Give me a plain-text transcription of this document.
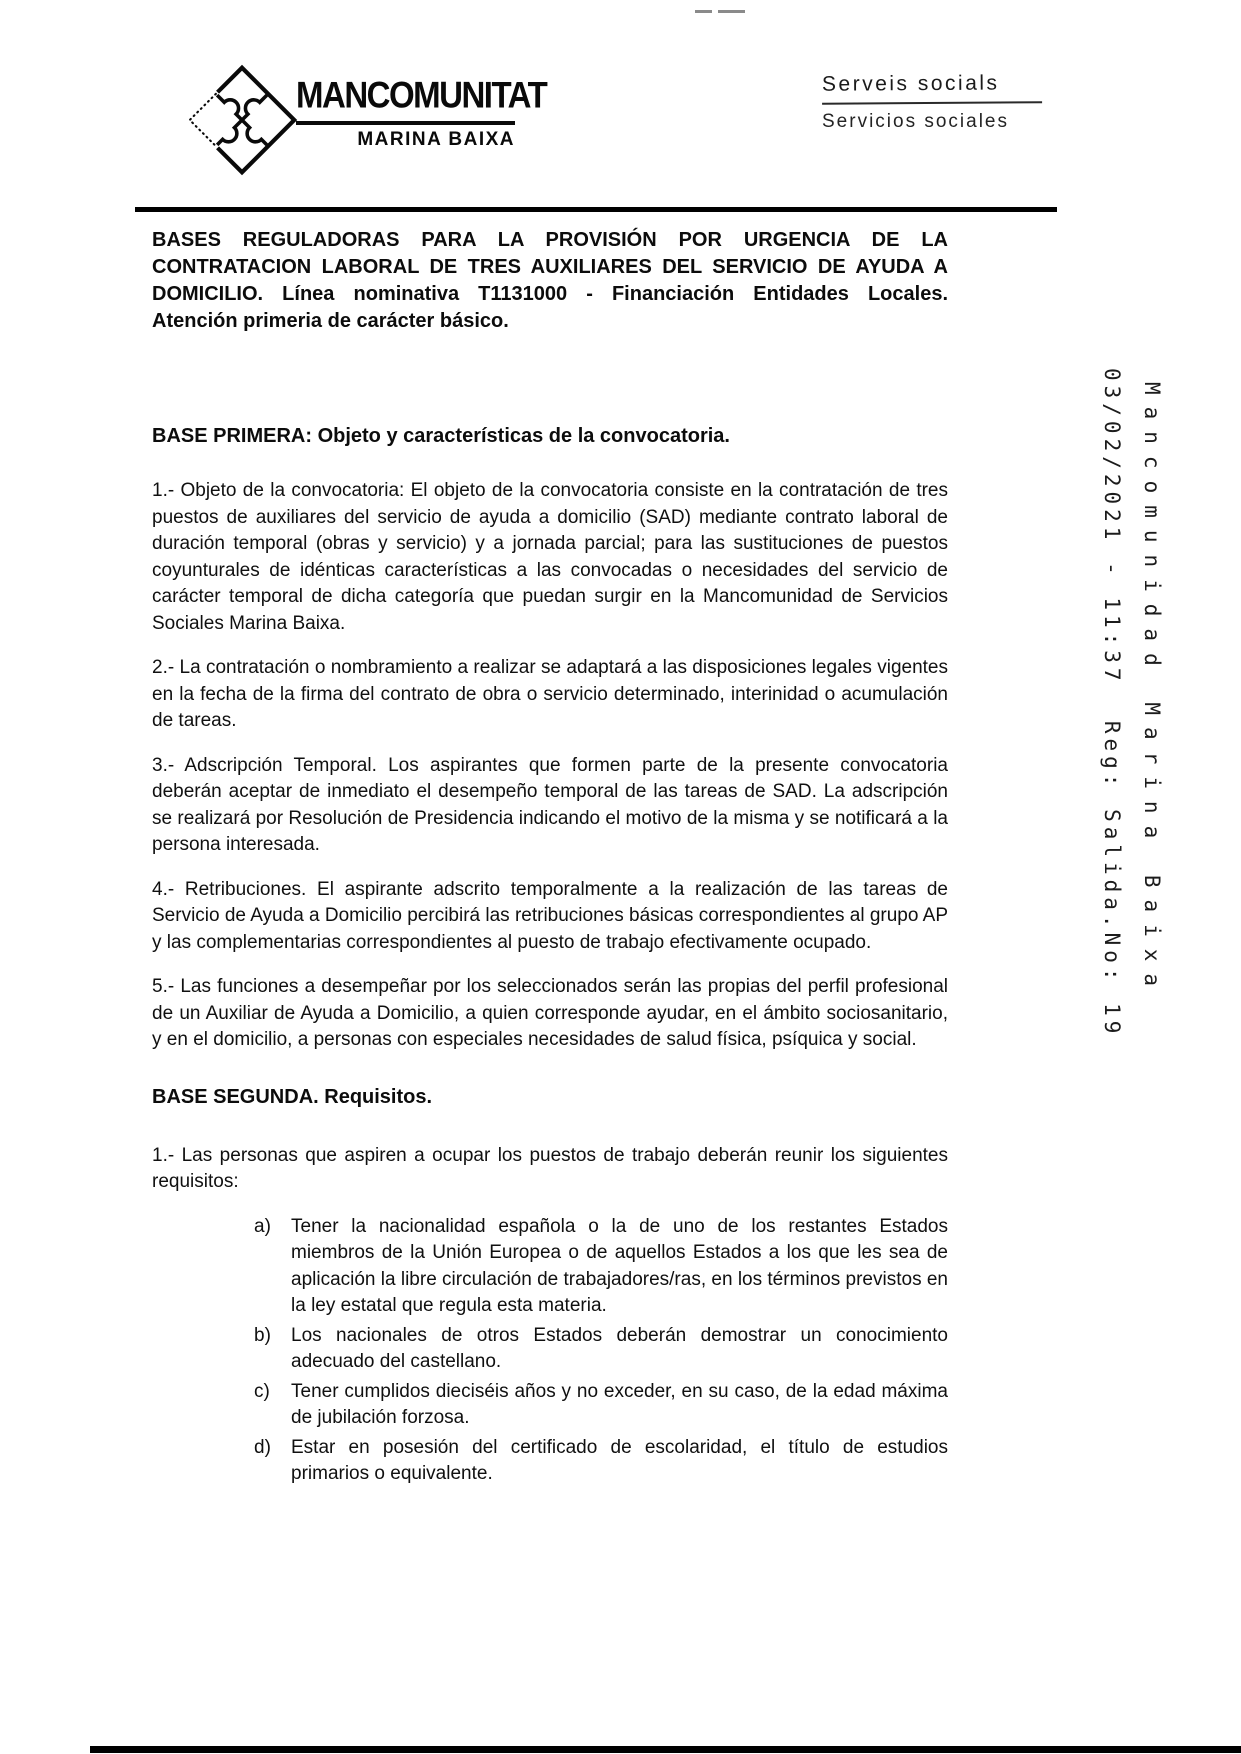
MANCOMUNITAT
MARINA BAIXA
Serveis socials
Servicios sociales
Mancomunidad Marina Baixa
03/02/2021 - 11:37  Reg: Salida.No: 19
BASES REGULADORAS PARA LA PROVISIÓN POR URGENCIA DE LA
CONTRATACION LABORAL DE TRES AUXILIARES DEL SERVICIO DE AYUDA A
DOMICILIO. Línea nominativa T1131000 - Financiación Entidades Locales.
Atención primeria de carácter básico.
BASE PRIMERA: Objeto y características de la convocatoria.

1.- Objeto de la convocatoria: El objeto de la convocatoria consiste en la contratación de tres puestos de auxiliares del servicio de ayuda a domicilio (SAD) mediante contrato laboral de duración temporal (obras y servicio) y a jornada parcial; para las sustituciones de puestos coyunturales de idénticas características a las convocadas o necesidades del servicio de carácter temporal de dicha categoría que puedan surgir en la Mancomunidad de Servicios Sociales Marina Baixa.

2.- La contratación o nombramiento a realizar se adaptará a las disposiciones legales vigentes en la fecha de la firma del contrato de obra o servicio determinado, interinidad o acumulación de tareas.

3.- Adscripción Temporal. Los aspirantes que formen parte de la presente convocatoria deberán aceptar de inmediato el desempeño temporal de las tareas de SAD. La adscripción se realizará por Resolución de Presidencia indicando el motivo de la misma y se notificará a la persona interesada.

4.- Retribuciones. El aspirante adscrito temporalmente a la realización de las tareas de Servicio de Ayuda a Domicilio percibirá las retribuciones básicas correspondientes al grupo AP y las complementarias correspondientes al puesto de trabajo efectivamente ocupado.

5.- Las funciones a desempeñar por los seleccionados serán las propias del perfil profesional de un Auxiliar de Ayuda a Domicilio, a quien corresponde ayudar, en el ámbito sociosanitario, y en el domicilio, a personas con especiales necesidades de salud física, psíquica y social.

BASE SEGUNDA. Requisitos.

1.- Las personas que aspiren a ocupar los puestos de trabajo deberán reunir los siguientes requisitos:

a)	Tener la nacionalidad española o la de uno de los restantes Estados miembros de la Unión Europea o de aquellos Estados a los que les sea de aplicación la libre circulación de trabajadores/ras, en los términos previstos en la ley estatal que regula esta materia.
b)	Los nacionales de otros Estados deberán demostrar un conocimiento adecuado del castellano.
c)	Tener cumplidos dieciséis años y no exceder, en su caso, de la edad máxima de jubilación forzosa.
d)	Estar en posesión del certificado de escolaridad, el título de estudios primarios o equivalente.
